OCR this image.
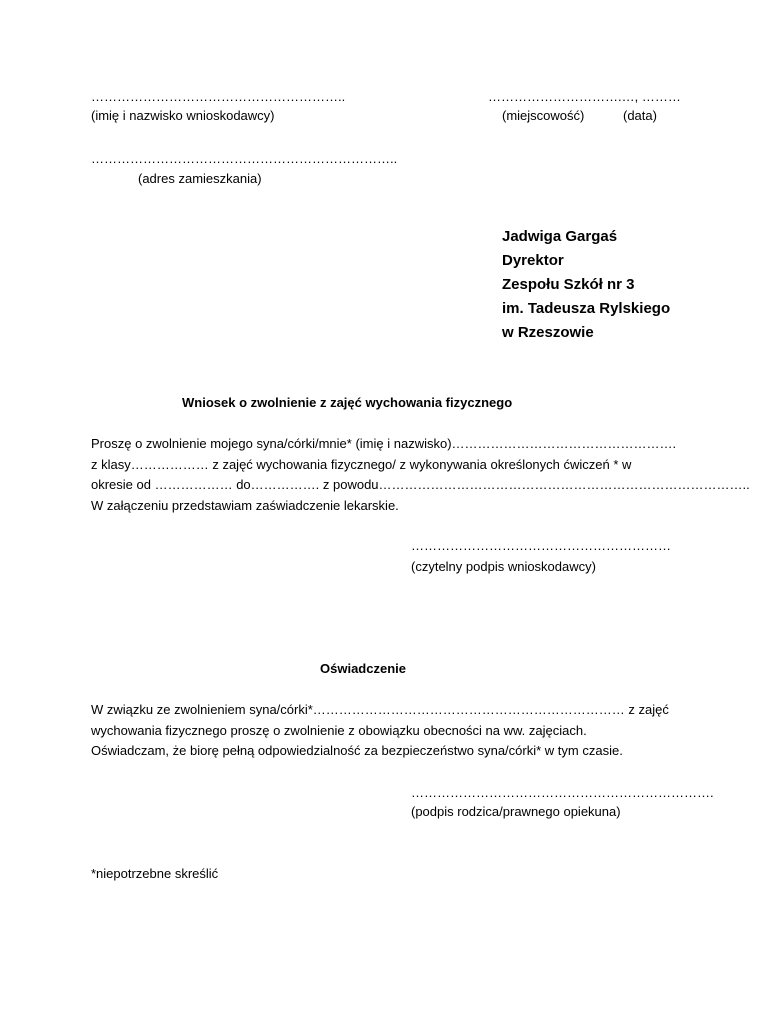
…………………………………………………..
(imię i nazwisko wnioskodawcy)
………………………….…, ………
(miejscowość)	(data)
……………………………………………………………..
(adres zamieszkania)
Jadwiga Gargaś
Dyrektor
Zespołu Szkół nr 3
im. Tadeusza Rylskiego
w Rzeszowie
Wniosek o zwolnienie z zajęć wychowania fizycznego
Proszę o zwolnienie mojego syna/córki/mnie* (imię i nazwisko)…………………………………………….
z klasy……………… z zajęć wychowania fizycznego/ z wykonywania określonych ćwiczeń * w
okresie od ……………… do……………. z powodu…………………………………………………………………………..
W załączeniu przedstawiam zaświadczenie lekarskie.
……………………………………………………
(czytelny podpis wnioskodawcy)
Oświadczenie
W związku ze zwolnieniem syna/córki*……………………………………………………………… z zajęć
wychowania fizycznego proszę o zwolnienie z obowiązku obecności na ww. zajęciach.
Oświadczam, że biorę pełną odpowiedzialność za bezpieczeństwo syna/córki* w tym czasie.
…………………………………………………………….
(podpis rodzica/prawnego opiekuna)
*niepotrzebne skreślić
